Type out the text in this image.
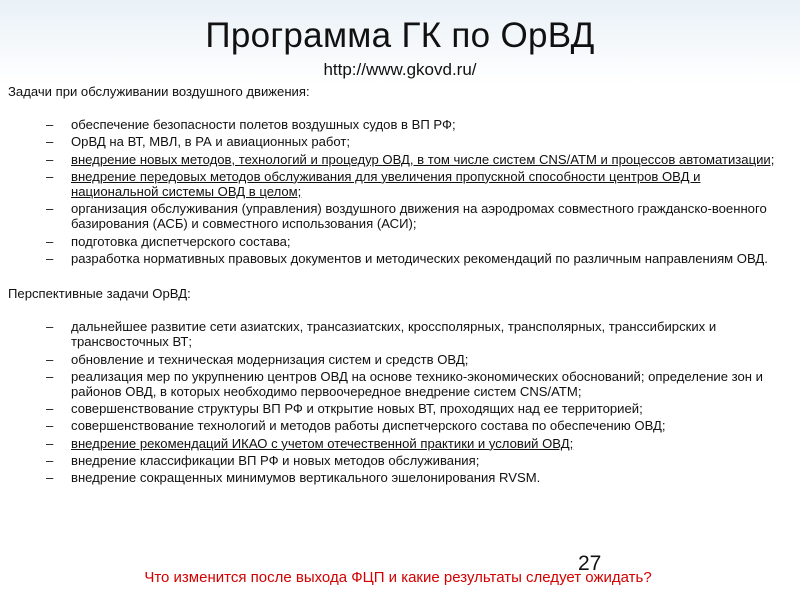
Программа ГК по ОрВД
http://www.gkovd.ru/
Задачи при обслуживании воздушного движения:
– обеспечение безопасности полетов воздушных судов в ВП РФ;
– ОрВД на ВТ, МВЛ, в РА и авиационных работ;
– внедрение новых методов, технологий и процедур ОВД, в том числе систем CNS/ATM и процессов автоматизации;
– внедрение передовых методов обслуживания для увеличения пропускной способности центров ОВД и национальной системы ОВД в целом;
– организация обслуживания (управления) воздушного движения на аэродромах совместного гражданско-военного базирования (АСБ) и совместного использования (АСИ);
– подготовка диспетчерского состава;
– разработка нормативных правовых документов и методических рекомендаций по различным направлениям ОВД.
Перспективные задачи ОрВД:
– дальнейшее развитие сети азиатских, трансазиатских, кроссполярных, трансполярных, транссибирских и трансвосточных ВТ;
– обновление и техническая модернизация систем и средств ОВД;
– реализация мер по укрупнению центров ОВД на основе технико-экономических обоснований; определение зон и районов ОВД, в которых необходимо первоочередное внедрение систем CNS/ATM;
– совершенствование структуры ВП РФ и открытие новых ВТ, проходящих над ее территорией;
– совершенствование технологий и методов работы диспетчерского состава по обеспечению ОВД;
– внедрение рекомендаций ИКАО с учетом отечественной практики и условий ОВД;
– внедрение классификации ВП РФ и новых методов обслуживания;
– внедрение сокращенных минимумов вертикального эшелонирования RVSM.
27
Что изменится после выхода ФЦП и какие результаты следует ожидать?
